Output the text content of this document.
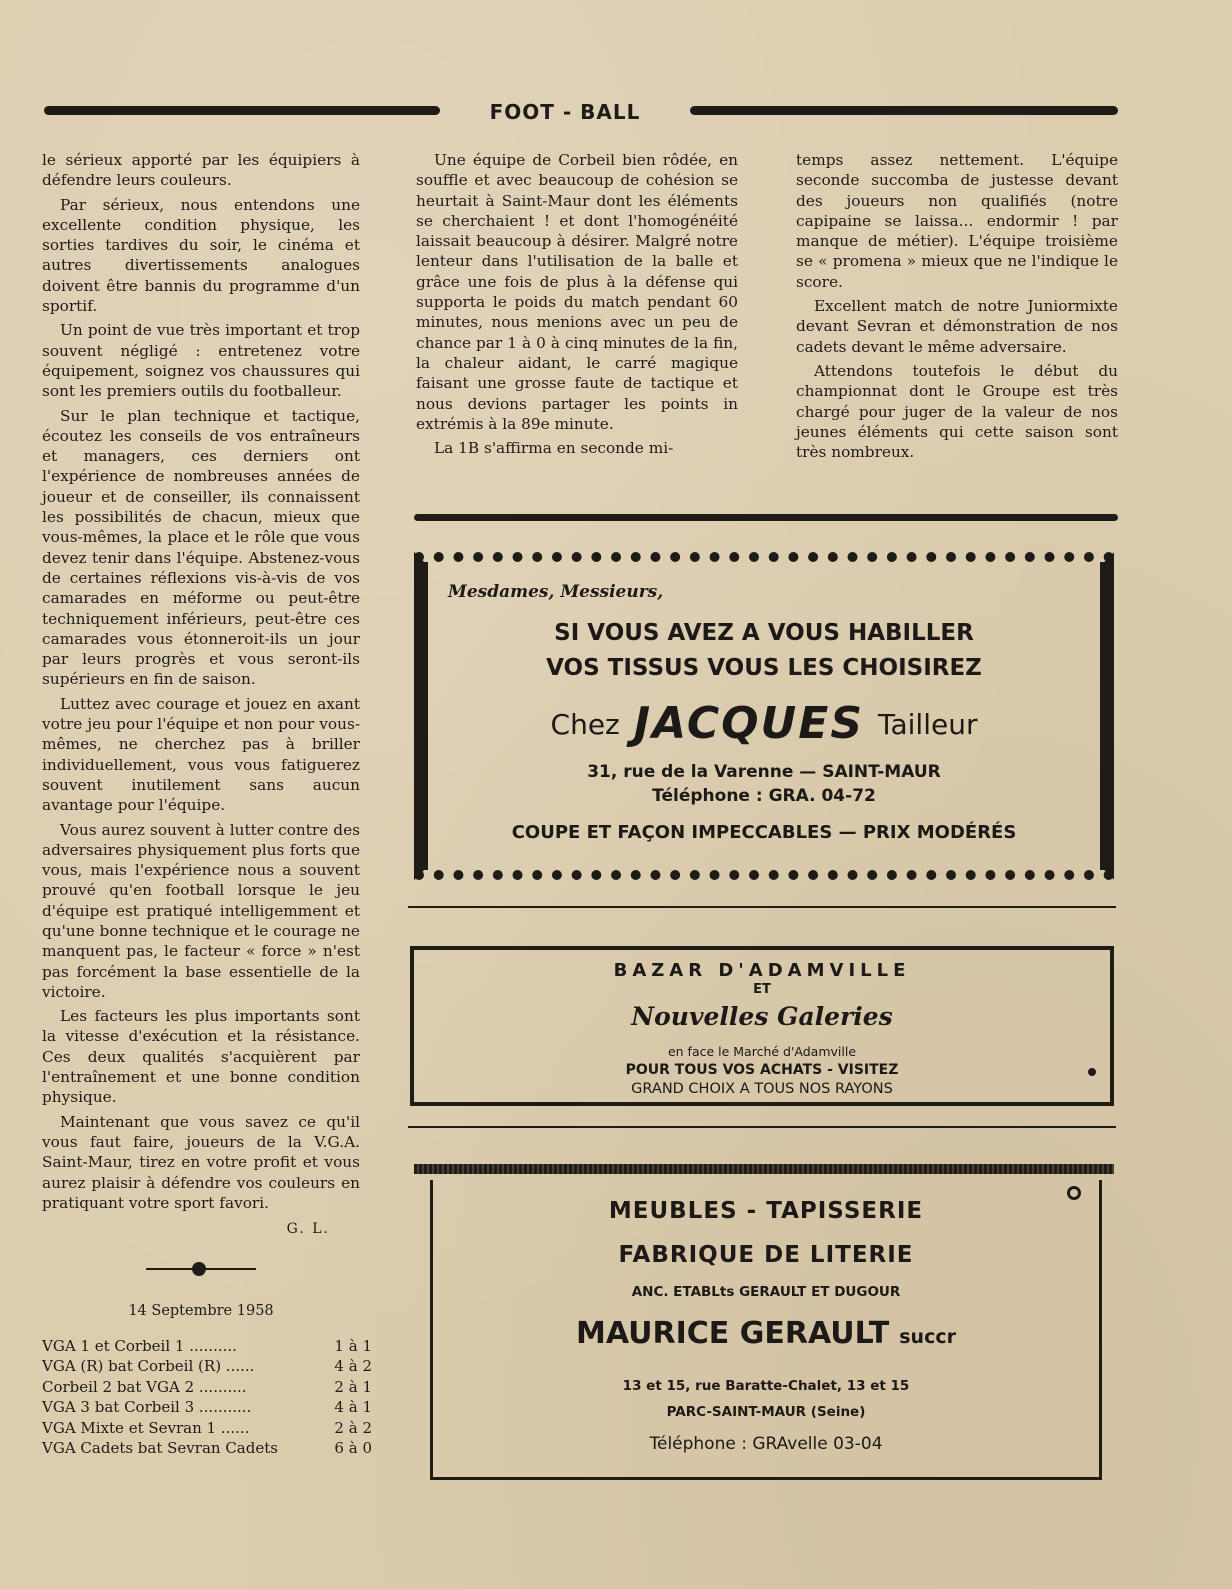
FOOT - BALL

le sérieux apporté par les équipiers à défendre leurs couleurs.

Par sérieux, nous entendons une excellente condition physique, les sorties tardives du soir, le cinéma et autres divertissements analogues doivent être bannis du programme d'un sportif.

Un point de vue très important et trop souvent négligé : entretenez votre équipement, soignez vos chaussures qui sont les premiers outils du footballeur.

Sur le plan technique et tactique, écoutez les conseils de vos entraîneurs et managers, ces derniers ont l'expérience de nombreuses années de joueur et de conseiller, ils connaissent les possibilités de chacun, mieux que vous-mêmes, la place et le rôle que vous devez tenir dans l'équipe. Abstenez-vous de certaines réflexions vis-à-vis de vos camarades en méforme ou peut-être techniquement inférieurs, peut-être ces camarades vous étonneroit-ils un jour par leurs progrès et vous seront-ils supérieurs en fin de saison.

Luttez avec courage et jouez en axant votre jeu pour l'équipe et non pour vous-mêmes, ne cherchez pas à briller individuellement, vous vous fatiguerez souvent inutilement sans aucun avantage pour l'équipe.

Vous aurez souvent à lutter contre des adversaires physiquement plus forts que vous, mais l'expérience nous a souvent prouvé qu'en football lorsque le jeu d'équipe est pratiqué intelligemment et qu'une bonne technique et le courage ne manquent pas, le facteur « force » n'est pas forcément la base essentielle de la victoire.

Les facteurs les plus importants sont la vitesse d'exécution et la résistance. Ces deux qualités s'acquièrent par l'entraînement et une bonne condition physique.

Maintenant que vous savez ce qu'il vous faut faire, joueurs de la V.G.A. Saint-Maur, tirez en votre profit et vous aurez plaisir à défendre vos couleurs en pratiquant votre sport favori.

G. L.
14 Septembre 1958
VGA 1 et Corbeil 1 ..........	1 à 1
VGA (R) bat Corbeil (R) ......	4 à 2
Corbeil 2 bat VGA 2 ..........	2 à 1
VGA 3 bat Corbeil 3 ...........	4 à 1
VGA Mixte et Sevran 1 ......	2 à 2
VGA Cadets bat Sevran Cadets	6 à 0

Une équipe de Corbeil bien rôdée, en souffle et avec beaucoup de cohésion se heurtait à Saint-Maur dont les éléments se cherchaient ! et dont l'homogénéité laissait beaucoup à désirer. Malgré notre lenteur dans l'utilisation de la balle et grâce une fois de plus à la défense qui supporta le poids du match pendant 60 minutes, nous menions avec un peu de chance par 1 à 0 à cinq minutes de la fin, la chaleur aidant, le carré magique faisant une grosse faute de tactique et nous devions partager les points in extrémis à la 89e minute.

La 1B s'affirma en seconde mi-

temps assez nettement. L'équipe seconde succomba de justesse devant des joueurs non qualifiés (notre capipaine se laissa... endormir ! par manque de métier). L'équipe troisième se « promena » mieux que ne l'indique le score.

Excellent match de notre Juniormixte devant Sevran et démonstration de nos cadets devant le même adversaire.

Attendons toutefois le début du championnat dont le Groupe est très chargé pour juger de la valeur de nos jeunes éléments qui cette saison sont très nombreux.

Mesdames, Messieurs,
SI VOUS AVEZ A VOUS HABILLER
VOS TISSUS VOUS LES CHOISIREZ
Chez JACQUES Tailleur
31, rue de la Varenne — SAINT-MAUR
Téléphone : GRA. 04-72
COUPE ET FAÇON IMPECCABLES — PRIX MODÉRÉS
BAZAR D'ADAMVILLE
ET
Nouvelles Galeries
en face le Marché d'Adamville
POUR TOUS VOS ACHATS - VISITEZ
GRAND CHOIX A TOUS NOS RAYONS
MEUBLES - TAPISSERIE
FABRIQUE DE LITERIE
ANC. ETABLts GERAULT ET DUGOUR
MAURICE GERAULT succr
13 et 15, rue Baratte-Chalet, 13 et 15
PARC-SAINT-MAUR (Seine)
Téléphone : GRAvelle 03-04
